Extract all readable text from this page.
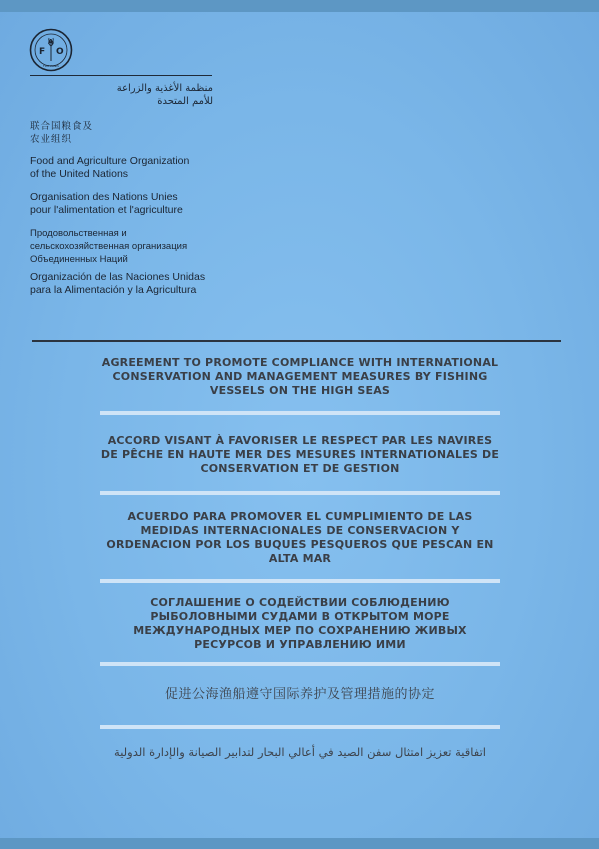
F
A
O
FIAT PANIS
منظمة الأغذية والزراعة
للأمم المتحدة
联合国粮食及
农业组织
Food and Agriculture Organization
of the United Nations
Organisation des Nations Unies
pour l'alimentation et l'agriculture
Продовольственная и
сельскохозяйственная организация
Объединенных Наций
Organización de las Naciones Unidas
para la Alimentación y la Agricultura
AGREEMENT TO PROMOTE COMPLIANCE WITH INTERNATIONAL CONSERVATION AND MANAGEMENT MEASURES BY FISHING VESSELS ON THE HIGH SEAS
ACCORD VISANT À FAVORISER LE RESPECT PAR LES NAVIRES DE PÊCHE EN HAUTE MER DES MESURES INTERNATIONALES DE CONSERVATION ET DE GESTION
ACUERDO PARA PROMOVER EL CUMPLIMIENTO DE LAS MEDIDAS INTERNACIONALES DE CONSERVACION Y ORDENACION POR LOS BUQUES PESQUEROS QUE PESCAN EN ALTA MAR
СОГЛАШЕНИЕ О СОДЕЙСТВИИ СОБЛЮДЕНИЮ РЫБОЛОВНЫМИ СУДАМИ В ОТКРЫТОМ МОРЕ МЕЖДУНАРОДНЫХ МЕР ПО СОХРАНЕНИЮ ЖИВЫХ РЕСУРСОВ И УПРАВЛЕНИЮ ИМИ
促进公海渔船遵守国际养护及管理措施的协定
اتفاقية تعزيز امتثال سفن الصيد في أعالي البحار لتدابير الصيانة والإدارة الدولية
